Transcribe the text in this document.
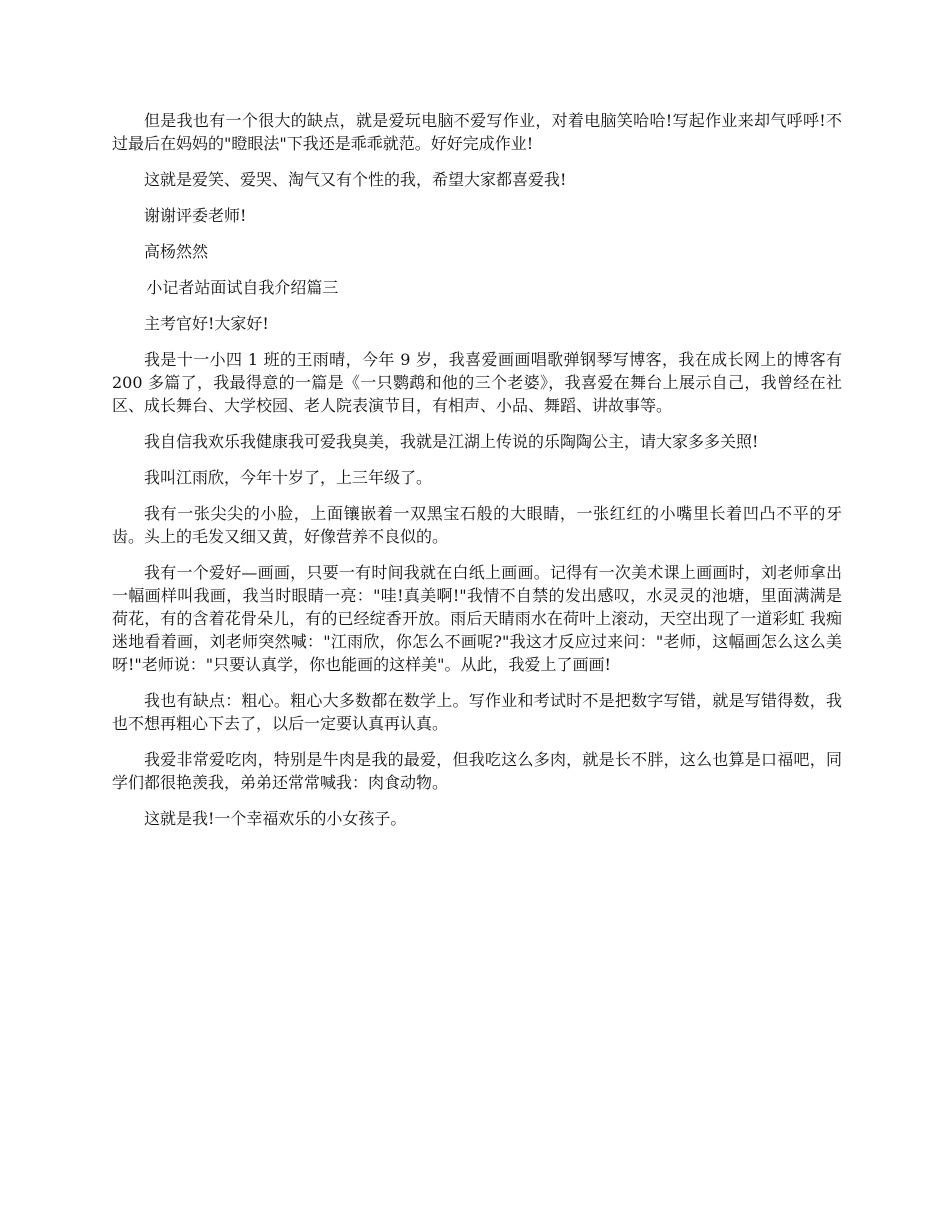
但是我也有一个很大的缺点，就是爱玩电脑不爱写作业，对着电脑笑哈哈!写起作业来却气呼呼!不过最后在妈妈的"瞪眼法"下我还是乖乖就范。好好完成作业!

这就是爱笑、爱哭、淘气又有个性的我，希望大家都喜爱我!

谢谢评委老师!

高杨然然

小记者站面试自我介绍篇三

主考官好!大家好!

我是十一小四 1 班的王雨晴，今年 9 岁，我喜爱画画唱歌弹钢琴写博客，我在成长网上的博客有 200 多篇了，我最得意的一篇是《一只鹦鹉和他的三个老婆》，我喜爱在舞台上展示自己，我曾经在社区、成长舞台、大学校园、老人院表演节目，有相声、小品、舞蹈、讲故事等。

我自信我欢乐我健康我可爱我臭美，我就是江湖上传说的乐陶陶公主，请大家多多关照!

我叫江雨欣，今年十岁了，上三年级了。

我有一张尖尖的小脸，上面镶嵌着一双黑宝石般的大眼睛，一张红红的小嘴里长着凹凸不平的牙齿。头上的毛发又细又黄，好像营养不良似的。

我有一个爱好—画画，只要一有时间我就在白纸上画画。记得有一次美术课上画画时，刘老师拿出一幅画样叫我画，我当时眼睛一亮："哇!真美啊!"我情不自禁的发出感叹，水灵灵的池塘，里面满满是荷花，有的含着花骨朵儿，有的已经绽香开放。雨后天睛雨水在荷叶上滚动，天空出现了一道彩虹 我痴迷地看着画，刘老师突然喊："江雨欣，你怎么不画呢?"我这才反应过来问："老师，这幅画怎么这么美呀!"老师说："只要认真学，你也能画的这样美"。从此，我爱上了画画!

我也有缺点：粗心。粗心大多数都在数学上。写作业和考试时不是把数字写错，就是写错得数，我也不想再粗心下去了，以后一定要认真再认真。

我爱非常爱吃肉，特别是牛肉是我的最爱，但我吃这么多肉，就是长不胖，这么也算是口福吧，同学们都很艳羡我，弟弟还常常喊我：肉食动物。

这就是我!一个幸福欢乐的小女孩子。
